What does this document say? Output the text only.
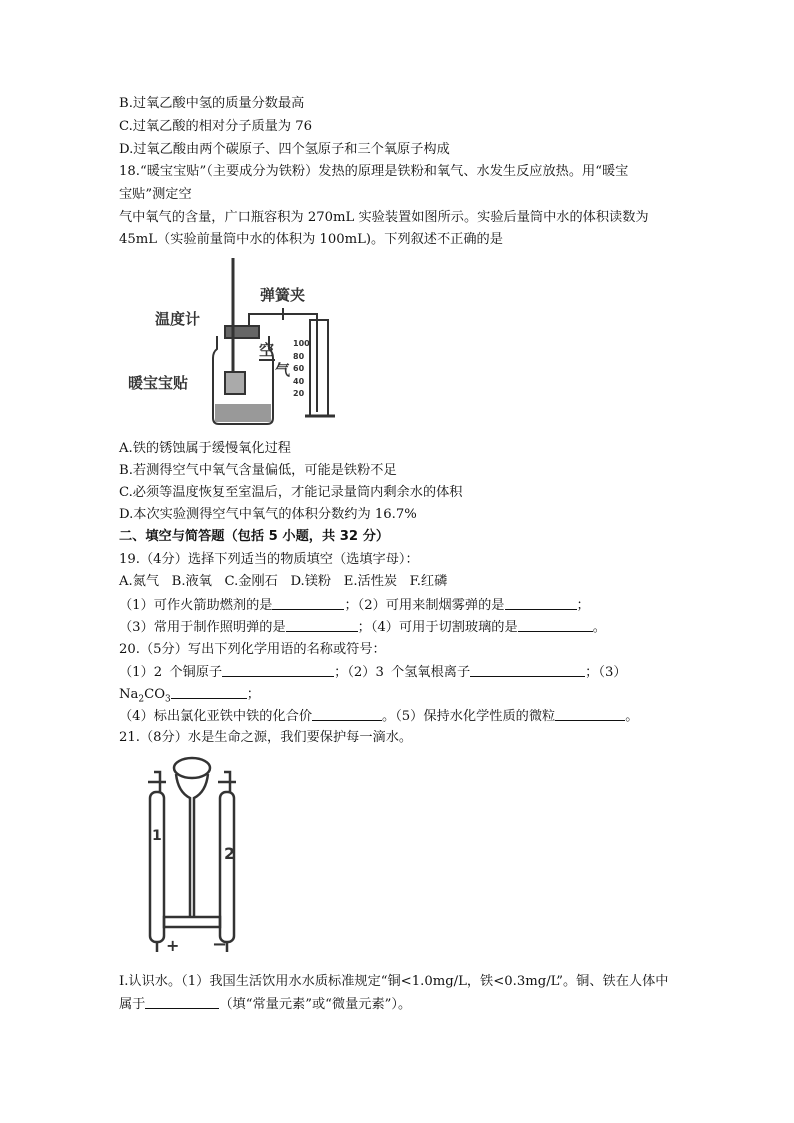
B.过氧乙酸中氢的质量分数最高
C.过氧乙酸的相对分子质量为 76
D.过氧乙酸由两个碳原子、四个氢原子和三个氧原子构成
18.“暖宝宝贴”（主要成分为铁粉）发热的原理是铁粉和氧气、水发生反应放热。用“暖宝
宝贴”测定空
气中氧气的含量，广口瓶容积为 270mL 实验装置如图所示。实验后量筒中水的体积读数为
45mL（实验前量筒中水的体积为 100mL)。下列叙述不正确的是
温度计
弹簧夹
空
气
暖宝宝贴
100
80
60
40
20
A.铁的锈蚀属于缓慢氧化过程
B.若测得空气中氧气含量偏低，可能是铁粉不足
C.必须等温度恢复至室温后，才能记录量筒内剩余水的体积
D.本次实验测得空气中氧气的体积分数约为 16.7%
二、填空与简答题（包括 5 小题，共 32 分）
19.（4分）选择下列适当的物质填空（选填字母）：
A.氮气   B.液氧   C.金刚石   D.镁粉   E.活性炭   F.红磷
（1）可作火箭助燃剂的是	；（2）可用来制烟雾弹的是	；
（3）常用于制作照明弹的是	；（4）可用于切割玻璃的是	。
20.（5分）写出下列化学用语的名称或符号：
（1）2 个铜原子	；（2）3 个氢氧根离子	；（3）
$Na_2CO_3$	；
（4）标出氯化亚铁中铁的化合价	。（5）保持水化学性质的微粒	。
21.（8分）水是生命之源，我们要保护每一滴水。
1
2
+ −
I.认识水。（1）我国生活饮用水水质标准规定“铜<1.0mg/L，铁<0.3mg/L”。铜、铁在人体中
属于	（填“常量元素”或“微量元素”）。
